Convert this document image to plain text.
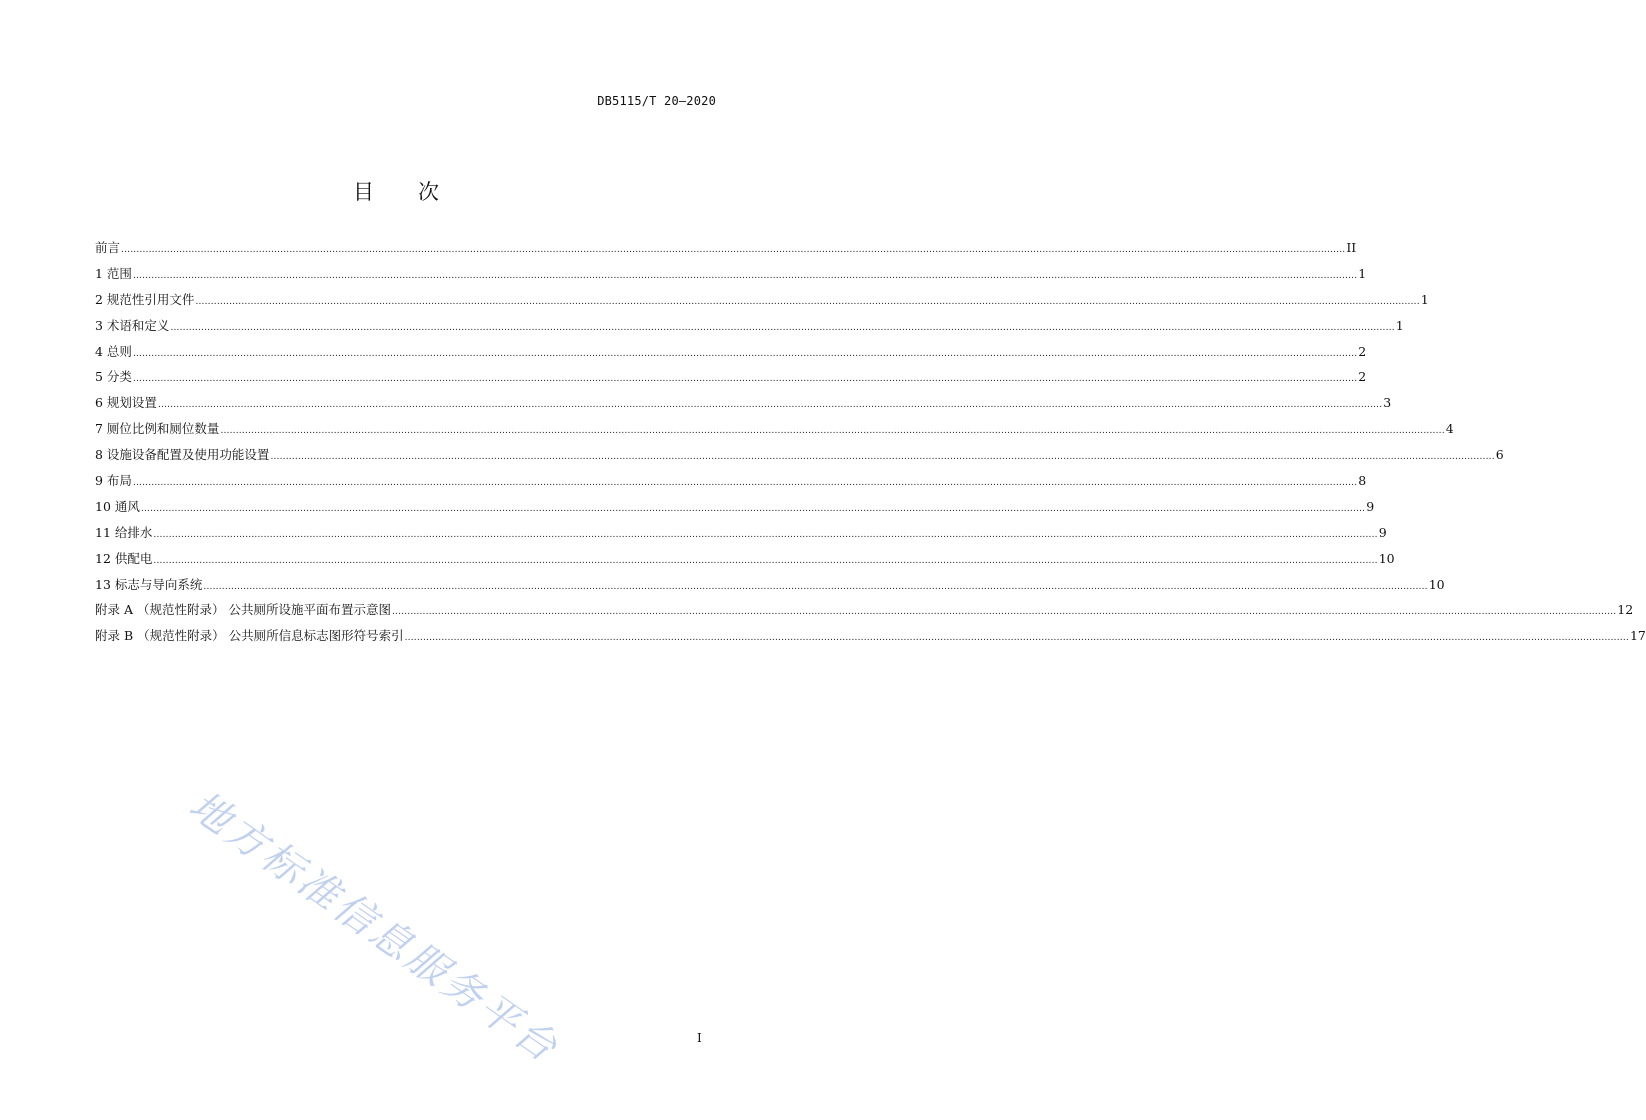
DB5115/T 20—2020
目 次
前言 ................................................................................................................................................................................................................................................................................................................................................................................................................ II
1 范围 ................................................................................................................................................................................................................................................................................................................................................................................................................ 1
2 规范性引用文件 ................................................................................................................................................................................................................................................................................................................................................................................................................ 1
3 术语和定义 ................................................................................................................................................................................................................................................................................................................................................................................................................ 1
4 总则 ................................................................................................................................................................................................................................................................................................................................................................................................................ 2
5 分类 ................................................................................................................................................................................................................................................................................................................................................................................................................ 2
6 规划设置 ................................................................................................................................................................................................................................................................................................................................................................................................................ 3
7 厕位比例和厕位数量 ................................................................................................................................................................................................................................................................................................................................................................................................................ 4
8 设施设备配置及使用功能设置 ................................................................................................................................................................................................................................................................................................................................................................................................................ 6
9 布局 ................................................................................................................................................................................................................................................................................................................................................................................................................ 8
10 通风 ................................................................................................................................................................................................................................................................................................................................................................................................................ 9
11 给排水 ................................................................................................................................................................................................................................................................................................................................................................................................................ 9
12 供配电 ................................................................................................................................................................................................................................................................................................................................................................................................................ 10
13 标志与导向系统 ................................................................................................................................................................................................................................................................................................................................................................................................................ 10
附录 A （规范性附录） 公共厕所设施平面布置示意图 ................................................................................................................................................................................................................................................................................................................................................................................................................ 12
附录 B （规范性附录） 公共厕所信息标志图形符号索引 ................................................................................................................................................................................................................................................................................................................................................................................................................ 17
地方标准信息服务平台	I
